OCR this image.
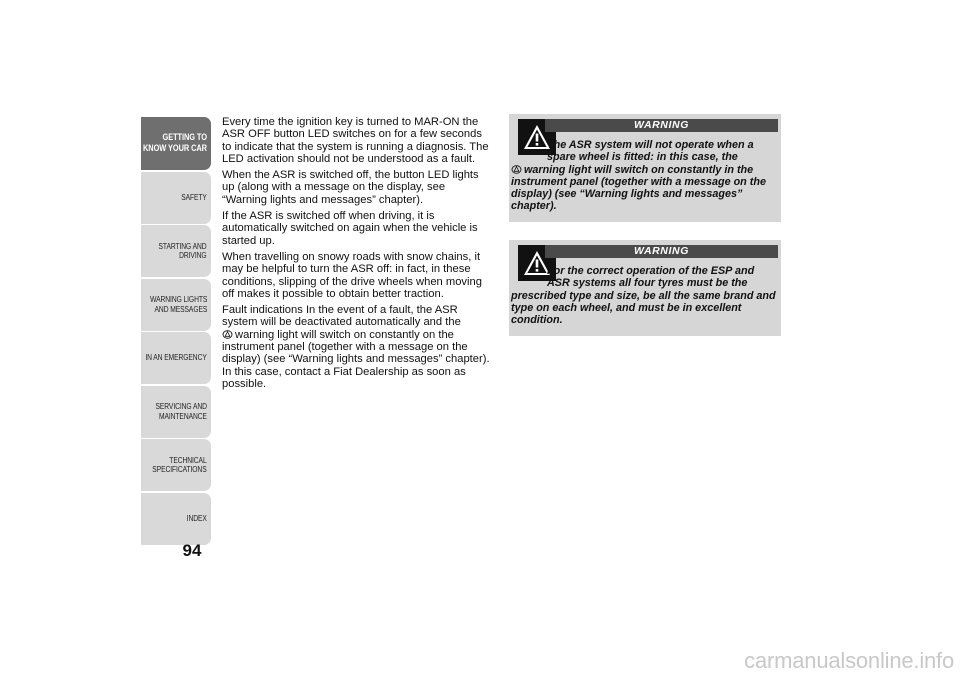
GETTING TO
KNOW YOUR CAR
SAFETY
STARTING AND
DRIVING
WARNING LIGHTS
AND MESSAGES
IN AN EMERGENCY
SERVICING AND
MAINTENANCE
TECHNICAL
SPECIFICATIONS
INDEX
94

Every time the ignition key is turned to MAR-ON the ASR OFF button LED switches on for a few seconds to indicate that the system is running a diagnosis. The LED activation should not be understood as a fault.

When the ASR is switched off, the button LED lights up (along with a message on the display, see “Warning lights and messages” chapter).

If the ASR is switched off when driving, it is automatically switched on again when the vehicle is started up.

When travelling on snowy roads with snow chains, it may be helpful to turn the ASR off: in fact, in these conditions, slipping of the drive wheels when moving off makes it possible to obtain better traction.

Fault indications In the event of a fault, the ASR system will be deactivated automatically and the
warning light will switch on constantly on the instrument panel (together with a message on the display) (see “Warning lights and messages” chapter). In this case, contact a Fiat Dealership as soon as possible.

The ASR system will not operate when a
spare wheel is fitted: in this case, the
warning light will switch on constantly in the instrument panel (together with a message on the display) (see “Warning lights and messages” chapter).
WARNING
For the correct operation of the ESP and
ASR systems all four tyres must be the
prescribed type and size, be all the same brand and type on each wheel, and must be in excellent condition.
WARNING
carmanualsonline.info
